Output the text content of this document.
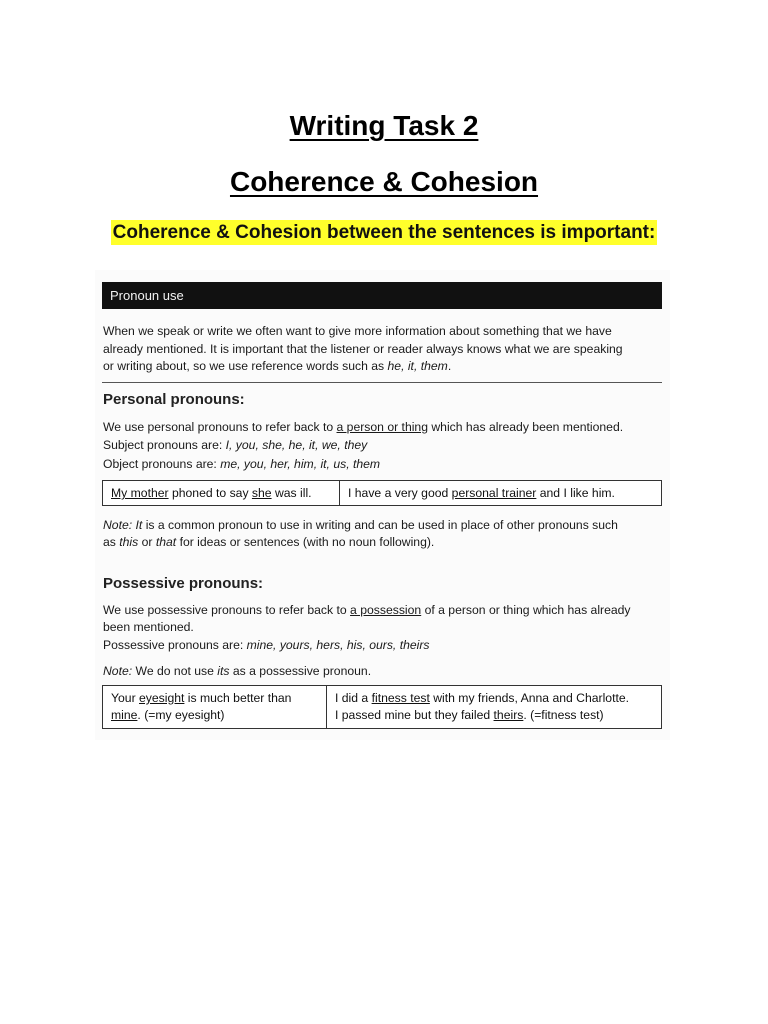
Writing Task 2
Coherence & Cohesion
Coherence & Cohesion between the sentences is important:
Pronoun use

When we speak or write we often want to give more information about something that we have

already mentioned. It is important that the listener or reader always knows what we are speaking

or writing about, so we use reference words such as he, it, them.

Personal pronouns:

We use personal pronouns to refer back to a person or thing which has already been mentioned.

Subject pronouns are: I, you, she, he, it, we, they

Object pronouns are: me, you, her, him, it, us, them

My mother phoned to say she was ill.	I have a very good personal trainer and I like him.

Note: It is a common pronoun to use in writing and can be used in place of other pronouns such

as this or that for ideas or sentences (with no noun following).

Possessive pronouns:

We use possessive pronouns to refer back to a possession of a person or thing which has already

been mentioned.

Possessive pronouns are: mine, yours, hers, his, ours, theirs

Note: We do not use its as a possessive pronoun.

Your eyesight is much better than
mine. (=my eyesight)
I did a fitness test with my friends, Anna and Charlotte.
I passed mine but they failed theirs. (=fitness test)
